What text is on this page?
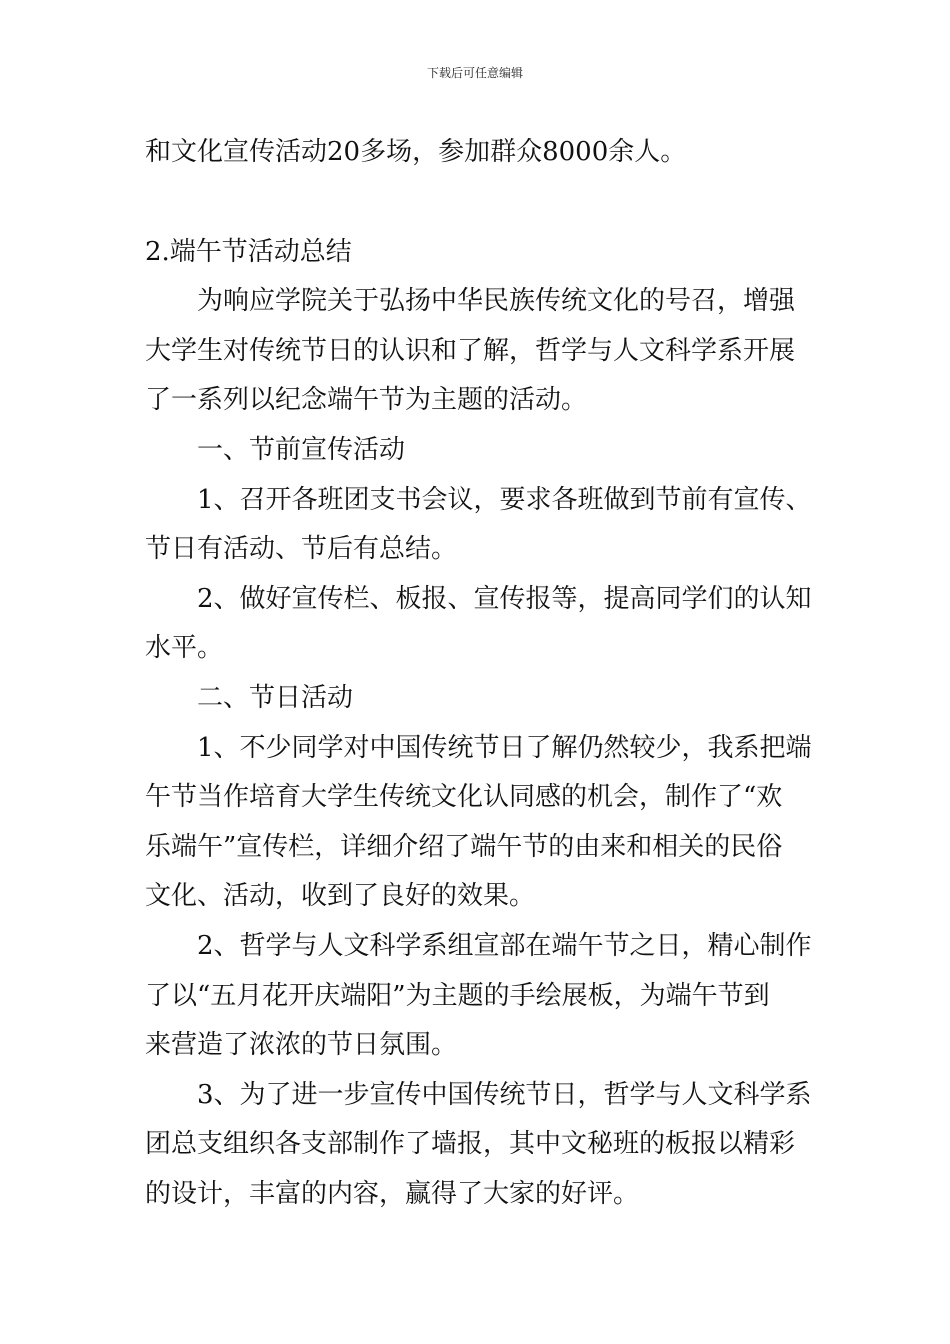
下载后可任意编辑
和文化宣传活动20多场，参加群众8000余人。
2.端午节活动总结
为响应学院关于弘扬中华民族传统文化的号召，增强
大学生对传统节日的认识和了解，哲学与人文科学系开展
了一系列以纪念端午节为主题的活动。
一、节前宣传活动
1、召开各班团支书会议，要求各班做到节前有宣传、
节日有活动、节后有总结。
2、做好宣传栏、板报、宣传报等，提高同学们的认知
水平。
二、节日活动
1、不少同学对中国传统节日了解仍然较少，我系把端
午节当作培育大学生传统文化认同感的机会，制作了“欢
乐端午”宣传栏，详细介绍了端午节的由来和相关的民俗
文化、活动，收到了良好的效果。
2、哲学与人文科学系组宣部在端午节之日，精心制作
了以“五月花开庆端阳”为主题的手绘展板，为端午节到
来营造了浓浓的节日氛围。
3、为了进一步宣传中国传统节日，哲学与人文科学系
团总支组织各支部制作了墙报，其中文秘班的板报以精彩
的设计，丰富的内容，赢得了大家的好评。
